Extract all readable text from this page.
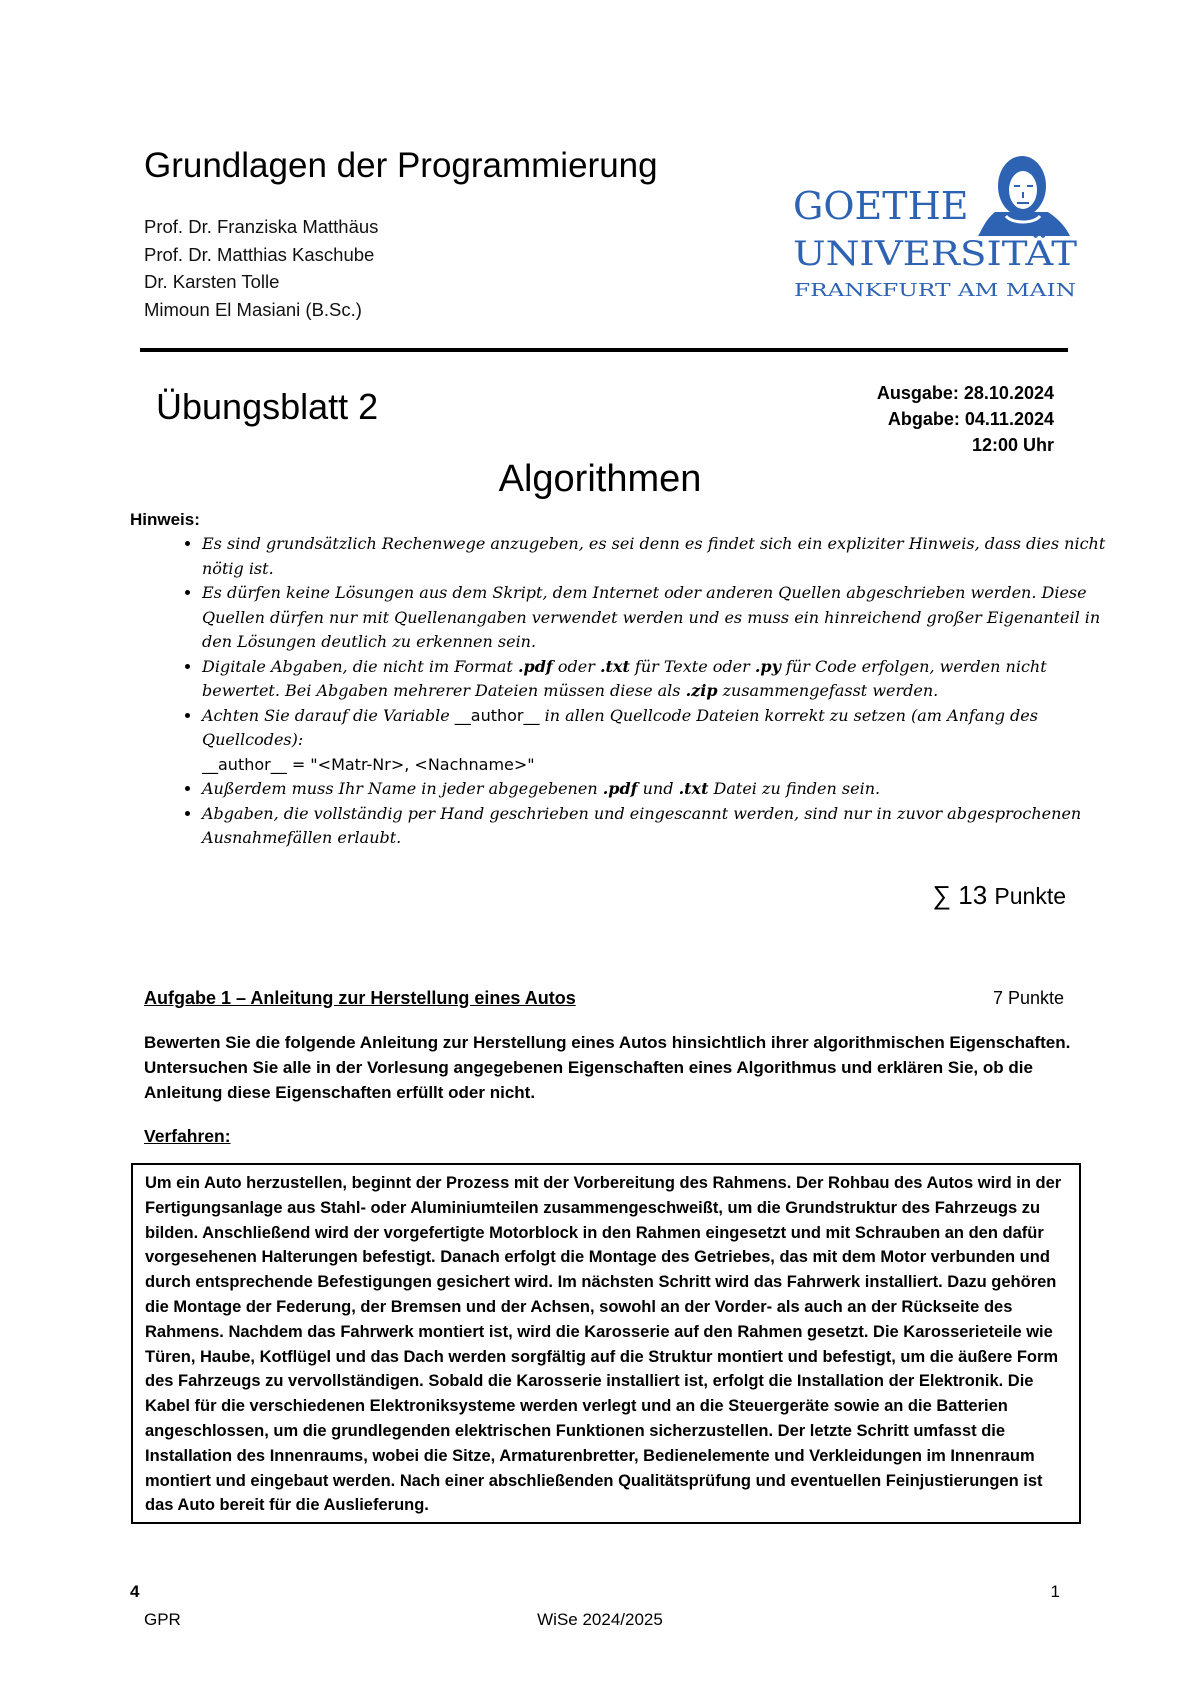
Grundlagen der Programmierung
Prof. Dr. Franziska Matthäus
Prof. Dr. Matthias Kaschube
Dr. Karsten Tolle
Mimoun El Masiani (B.Sc.)
GOETHE
UNIVERSITÄT
FRANKFURT AM MAIN
Übungsblatt 2	Ausgabe: 28.10.2024
Abgabe: 04.11.2024
12:00 Uhr
Algorithmen
Hinweis:
• Es sind grundsätzlich Rechenwege anzugeben, es sei denn es findet sich ein expliziter Hinweis, dass dies nicht nötig ist.
• Es dürfen keine Lösungen aus dem Skript, dem Internet oder anderen Quellen abgeschrieben werden. Diese Quellen dürfen nur mit Quellenangaben verwendet werden und es muss ein hinreichend großer Eigenanteil in den Lösungen deutlich zu erkennen sein.
• Digitale Abgaben, die nicht im Format .pdf oder .txt für Texte oder .py für Code erfolgen, werden nicht bewertet. Bei Abgaben mehrerer Dateien müssen diese als .zip zusammengefasst werden.
• Achten Sie darauf die Variable __author__ in allen Quellcode Dateien korrekt zu setzen (am Anfang des Quellcodes):
__author__ = "<Matr-Nr>, <Nachname>"
• Außerdem muss Ihr Name in jeder abgegebenen .pdf und .txt Datei zu finden sein.
• Abgaben, die vollständig per Hand geschrieben und eingescannt werden, sind nur in zuvor abgesprochenen Ausnahmefällen erlaubt.
∑ 13 Punkte
Aufgabe 1 – Anleitung zur Herstellung eines Autos	7 Punkte

Bewerten Sie die folgende Anleitung zur Herstellung eines Autos hinsichtlich ihrer algorithmischen Eigenschaften. Untersuchen Sie alle in der Vorlesung angegebenen Eigenschaften eines Algorithmus und erklären Sie, ob die Anleitung diese Eigenschaften erfüllt oder nicht.

Verfahren:

Um ein Auto herzustellen, beginnt der Prozess mit der Vorbereitung des Rahmens. Der Rohbau des Autos wird in der Fertigungsanlage aus Stahl- oder Aluminiumteilen zusammengeschweißt, um die Grundstruktur des Fahrzeugs zu bilden. Anschließend wird der vorgefertigte Motorblock in den Rahmen eingesetzt und mit Schrauben an den dafür vorgesehenen Halterungen befestigt. Danach erfolgt die Montage des Getriebes, das mit dem Motor verbunden und durch entsprechende Befestigungen gesichert wird. Im nächsten Schritt wird das Fahrwerk installiert. Dazu gehören die Montage der Federung, der Bremsen und der Achsen, sowohl an der Vorder- als auch an der Rückseite des Rahmens. Nachdem das Fahrwerk montiert ist, wird die Karosserie auf den Rahmen gesetzt. Die Karosserieteile wie Türen, Haube, Kotflügel und das Dach werden sorgfältig auf die Struktur montiert und befestigt, um die äußere Form des Fahrzeugs zu vervollständigen. Sobald die Karosserie installiert ist, erfolgt die Installation der Elektronik. Die Kabel für die verschiedenen Elektroniksysteme werden verlegt und an die Steuergeräte sowie an die Batterien angeschlossen, um die grundlegenden elektrischen Funktionen sicherzustellen. Der letzte Schritt umfasst die Installation des Innenraums, wobei die Sitze, Armaturenbretter, Bedienelemente und Verkleidungen im Innenraum montiert und eingebaut werden. Nach einer abschließenden Qualitätsprüfung und eventuellen Feinjustierungen ist das Auto bereit für die Auslieferung.

4	1
GPR	WiSe 2024/2025
